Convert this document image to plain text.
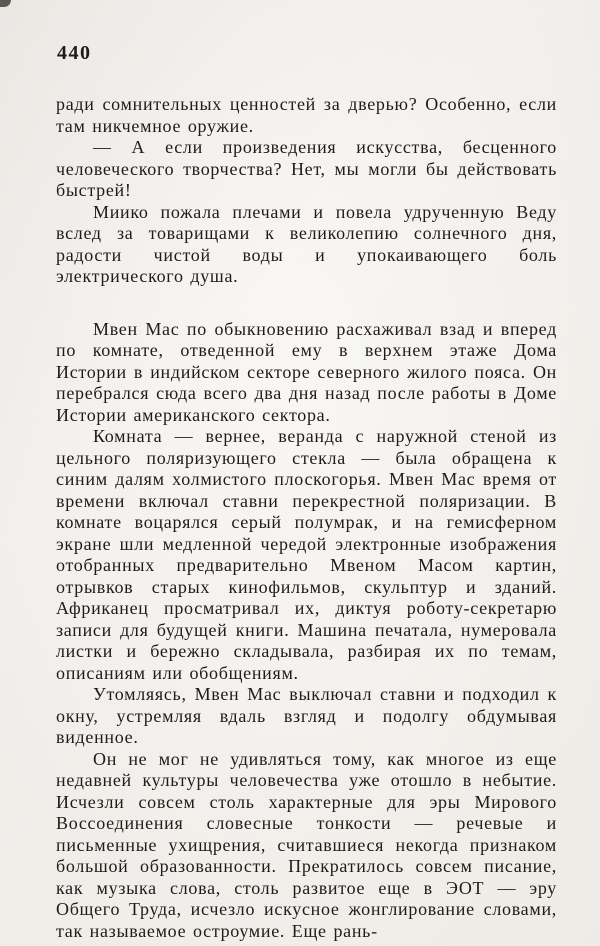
440

ради сомнительных ценностей за дверью? Особенно, если там никчемное оружие.

— А если произведения искусства, бесценного человеческого творчества? Нет, мы могли бы действовать быстрей!

Миико пожала плечами и повела удрученную Веду вслед за товарищами к великолепию солнечного дня, радости чистой воды и упокаивающего боль электрического душа.

Мвен Мас по обыкновению расхаживал взад и вперед по комнате, отведенной ему в верхнем этаже Дома Истории в индийском секторе северного жилого пояса. Он перебрался сюда всего два дня назад после работы в Доме Истории американского сектора.

Комната — вернее, веранда с наружной стеной из цельного поляризующего стекла — была обращена к синим далям холмистого плоскогорья. Мвен Мас время от времени включал ставни перекрестной поляризации. В комнате воцарялся серый полумрак, и на гемисферном экране шли медленной чередой электронные изображения отобранных предварительно Мвеном Масом картин, отрывков старых кинофильмов, скульптур и зданий. Африканец просматривал их, диктуя роботу-секретарю записи для будущей книги. Машина печатала, нумеровала листки и бережно складывала, разбирая их по темам, описаниям или обобщениям.

Утомляясь, Мвен Мас выключал ставни и подходил к окну, устремляя вдаль взгляд и подолгу обдумывая виденное.

Он не мог не удивляться тому, как многое из еще недавней культуры человечества уже отошло в небытие. Исчезли совсем столь характерные для эры Мирового Воссоединения словесные тонкости — речевые и письменные ухищрения, считавшиеся некогда признаком большой образованности. Прекратилось совсем писание, как музыка слова, столь развитое еще в ЭОТ — эру Общего Труда, исчезло искусное жонглирование словами, так называемое остроумие. Еще рань-
